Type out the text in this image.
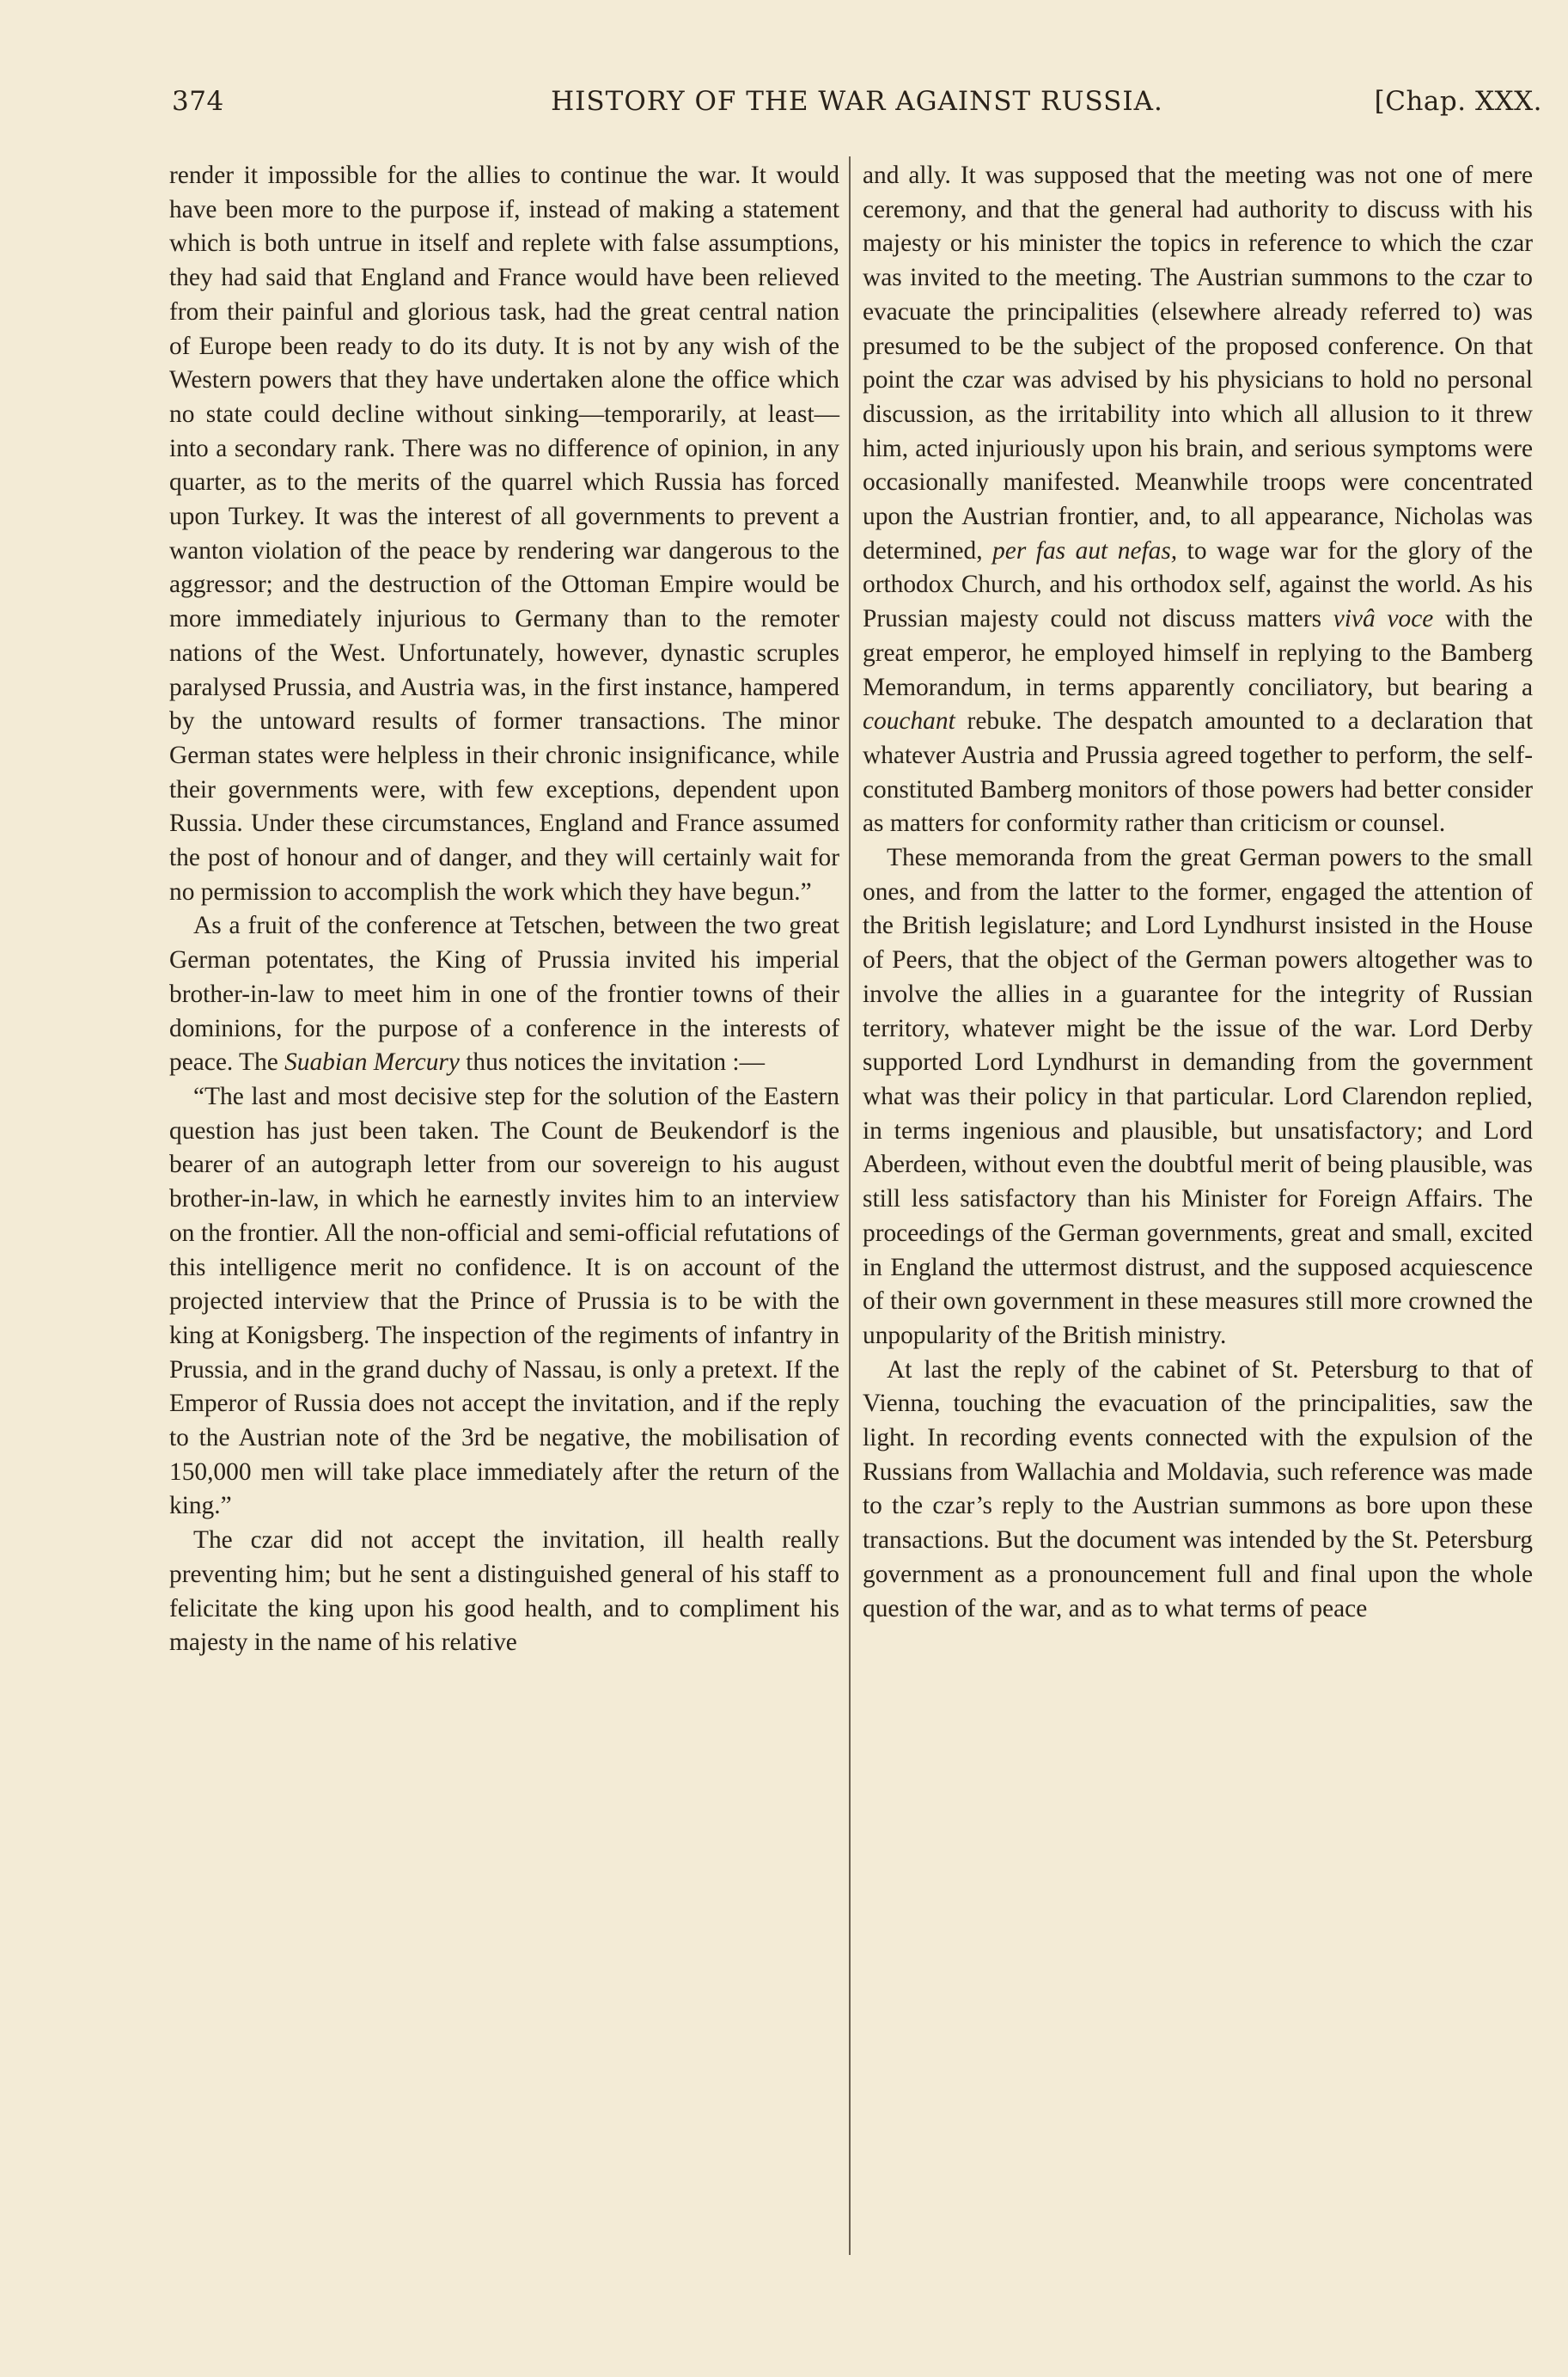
374	HISTORY OF THE WAR AGAINST RUSSIA.	[Chap. XXX.

render it impossible for the allies to continue the war. It would have been more to the purpose if, instead of making a statement which is both untrue in itself and replete with false assumptions, they had said that England and France would have been relieved from their painful and glorious task, had the great central nation of Europe been ready to do its duty. It is not by any wish of the Western powers that they have undertaken alone the office which no state could decline without sinking—temporarily, at least—into a secondary rank. There was no difference of opinion, in any quarter, as to the merits of the quarrel which Russia has forced upon Turkey. It was the interest of all governments to prevent a wanton violation of the peace by rendering war dangerous to the aggressor; and the destruction of the Ottoman Empire would be more immediately injurious to Germany than to the remoter nations of the West. Unfortunately, however, dynastic scruples paralysed Prussia, and Austria was, in the first instance, hampered by the untoward results of former transactions. The minor German states were helpless in their chronic insignificance, while their governments were, with few exceptions, dependent upon Russia. Under these circumstances, England and France assumed the post of honour and of danger, and they will certainly wait for no permission to accomplish the work which they have begun.”

As a fruit of the conference at Tetschen, between the two great German potentates, the King of Prussia invited his imperial brother-in-law to meet him in one of the frontier towns of their dominions, for the purpose of a conference in the interests of peace. The Suabian Mercury thus notices the invitation :—

“The last and most decisive step for the solution of the Eastern question has just been taken. The Count de Beukendorf is the bearer of an autograph letter from our sovereign to his august brother-in-law, in which he earnestly invites him to an interview on the frontier. All the non-official and semi-official refutations of this intelligence merit no confidence. It is on account of the projected interview that the Prince of Prussia is to be with the king at Konigsberg. The inspection of the regiments of infantry in Prussia, and in the grand duchy of Nassau, is only a pretext. If the Emperor of Russia does not accept the invitation, and if the reply to the Austrian note of the 3rd be negative, the mobilisation of 150,000 men will take place immediately after the return of the king.”

The czar did not accept the invitation, ill health really preventing him; but he sent a distinguished general of his staff to felicitate the king upon his good health, and to compliment his majesty in the name of his relative

and ally. It was supposed that the meeting was not one of mere ceremony, and that the general had authority to discuss with his majesty or his minister the topics in reference to which the czar was invited to the meeting. The Austrian summons to the czar to evacuate the principalities (elsewhere already referred to) was presumed to be the subject of the proposed conference. On that point the czar was advised by his physicians to hold no personal discussion, as the irritability into which all allusion to it threw him, acted injuriously upon his brain, and serious symptoms were occasionally manifested. Meanwhile troops were concentrated upon the Austrian frontier, and, to all appearance, Nicholas was determined, per fas aut nefas, to wage war for the glory of the orthodox Church, and his orthodox self, against the world. As his Prussian majesty could not discuss matters vivâ voce with the great emperor, he employed himself in replying to the Bamberg Memorandum, in terms apparently conciliatory, but bearing a couchant rebuke. The despatch amounted to a declaration that whatever Austria and Prussia agreed together to perform, the self-constituted Bamberg monitors of those powers had better consider as matters for conformity rather than criticism or counsel.

These memoranda from the great German powers to the small ones, and from the latter to the former, engaged the attention of the British legislature; and Lord Lyndhurst insisted in the House of Peers, that the object of the German powers altogether was to involve the allies in a guarantee for the integrity of Russian territory, whatever might be the issue of the war. Lord Derby supported Lord Lyndhurst in demanding from the government what was their policy in that particular. Lord Clarendon replied, in terms ingenious and plausible, but unsatisfactory; and Lord Aberdeen, without even the doubtful merit of being plausible, was still less satisfactory than his Minister for Foreign Affairs. The proceedings of the German governments, great and small, excited in England the uttermost distrust, and the supposed acquiescence of their own government in these measures still more crowned the unpopularity of the British ministry.

At last the reply of the cabinet of St. Petersburg to that of Vienna, touching the evacuation of the principalities, saw the light. In recording events connected with the expulsion of the Russians from Wallachia and Moldavia, such reference was made to the czar’s reply to the Austrian summons as bore upon these transactions. But the document was intended by the St. Petersburg government as a pronouncement full and final upon the whole question of the war, and as to what terms of peace
